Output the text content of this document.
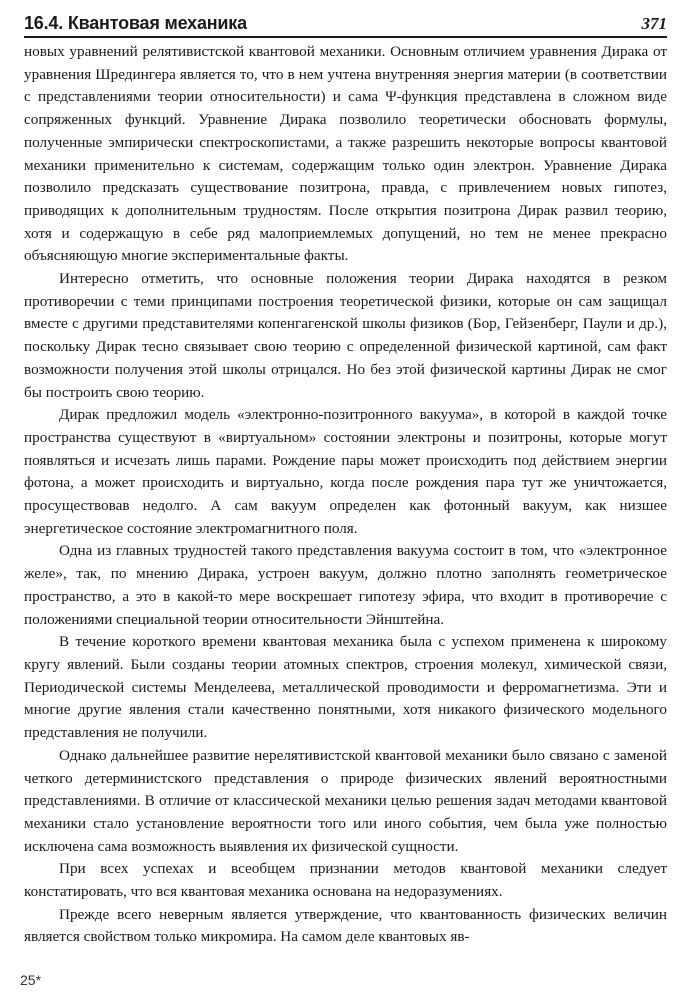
16.4. Квантовая механика	371

новых уравнений релятивистской квантовой механики. Основным отличием уравнения Дирака от уравнения Шредингера является то, что в нем учтена внутренняя энергия материи (в соответствии с представлениями теории относительности) и сама Ψ-функция представлена в сложном виде сопряженных функций. Уравнение Дирака позволило теоретически обосновать формулы, полученные эмпирически спектроскопистами, а также разрешить некоторые вопросы квантовой механики применительно к системам, содержащим только один электрон. Уравнение Дирака позволило предсказать существование позитрона, правда, с привлечением новых гипотез, приводящих к дополнительным трудностям. После открытия позитрона Дирак развил теорию, хотя и содержащую в себе ряд малоприемлемых допущений, но тем не менее прекрасно объясняющую многие экспериментальные факты.

Интересно отметить, что основные положения теории Дирака находятся в резком противоречии с теми принципами построения теоретической физики, которые он сам защищал вместе с другими представителями копенгагенской школы физиков (Бор, Гейзенберг, Паули и др.), поскольку Дирак тесно связывает свою теорию с определенной физической картиной, сам факт возможности получения этой школы отрицался. Но без этой физической картины Дирак не смог бы построить свою теорию.

Дирак предложил модель «электронно-позитронного вакуума», в которой в каждой точке пространства существуют в «виртуальном» состоянии электроны и позитроны, которые могут появляться и исчезать лишь парами. Рождение пары может происходить под действием энергии фотона, а может происходить и виртуально, когда после рождения пара тут же уничтожается, просуществовав недолго. А сам вакуум определен как фотонный вакуум, как низшее энергетическое состояние электромагнитного поля.

Одна из главных трудностей такого представления вакуума состоит в том, что «электронное желе», так, по мнению Дирака, устроен вакуум, должно плотно заполнять геометрическое пространство, а это в какой-то мере воскрешает гипотезу эфира, что входит в противоречие с положениями специальной теории относительности Эйнштейна.

В течение короткого времени квантовая механика была с успехом применена к широкому кругу явлений. Были созданы теории атомных спектров, строения молекул, химической связи, Периодической системы Менделеева, металлической проводимости и ферромагнетизма. Эти и многие другие явления стали качественно понятными, хотя никакого физического модельного представления не получили.

Однако дальнейшее развитие нерелятивистской квантовой механики было связано с заменой четкого детерминистского представления о природе физических явлений вероятностными представлениями. В отличие от классической механики целью решения задач методами квантовой механики стало установление вероятности того или иного события, чем была уже полностью исключена сама возможность выявления их физической сущности.

При всех успехах и всеобщем признании методов квантовой механики следует констатировать, что вся квантовая механика основана на недоразумениях.

Прежде всего неверным является утверждение, что квантованность физических величин является свойством только микромира. На самом деле квантовых яв-

25*
